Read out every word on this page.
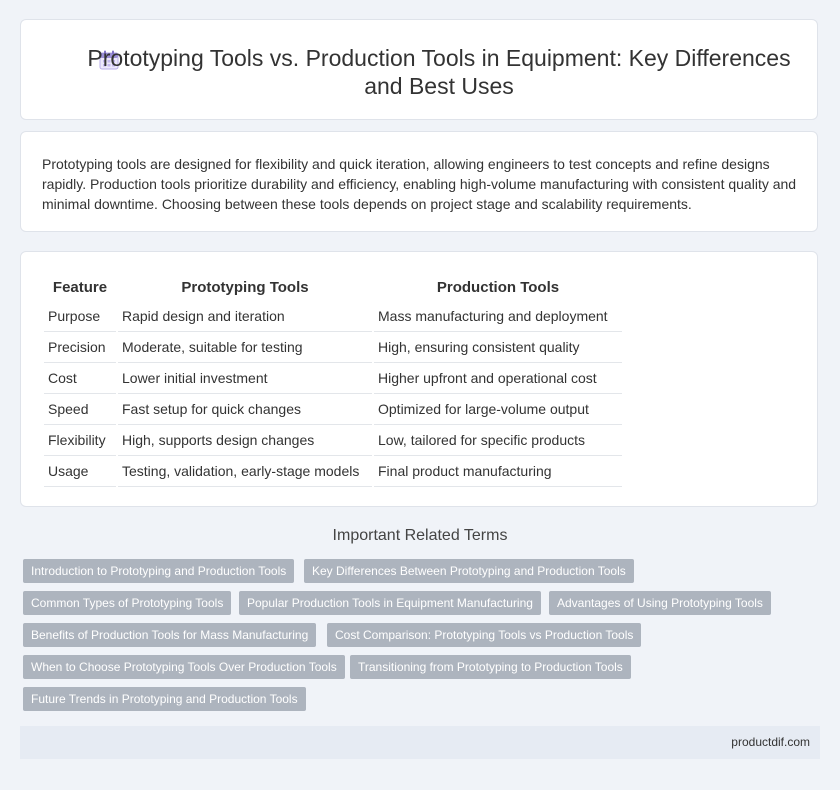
Prototyping Tools vs. Production Tools in Equipment: Key Differences and Best Uses

Prototyping tools are designed for flexibility and quick iteration, allowing engineers to test concepts and refine designs rapidly. Production tools prioritize durability and efficiency, enabling high-volume manufacturing with consistent quality and minimal downtime. Choosing between these tools depends on project stage and scalability requirements.

Feature	Prototyping Tools	Production Tools
Purpose	Rapid design and iteration	Mass manufacturing and deployment
Precision	Moderate, suitable for testing	High, ensuring consistent quality
Cost	Lower initial investment	Higher upfront and operational cost
Speed	Fast setup for quick changes	Optimized for large-volume output
Flexibility	High, supports design changes	Low, tailored for specific products
Usage	Testing, validation, early-stage models	Final product manufacturing
Important Related Terms
Introduction to Prototyping and Production Tools	Key Differences Between Prototyping and Production Tools
Common Types of Prototyping Tools	Popular Production Tools in Equipment Manufacturing	Advantages of Using Prototyping Tools
Benefits of Production Tools for Mass Manufacturing	Cost Comparison: Prototyping Tools vs Production Tools
When to Choose Prototyping Tools Over Production Tools	Transitioning from Prototyping to Production Tools
Future Trends in Prototyping and Production Tools
productdif.com
